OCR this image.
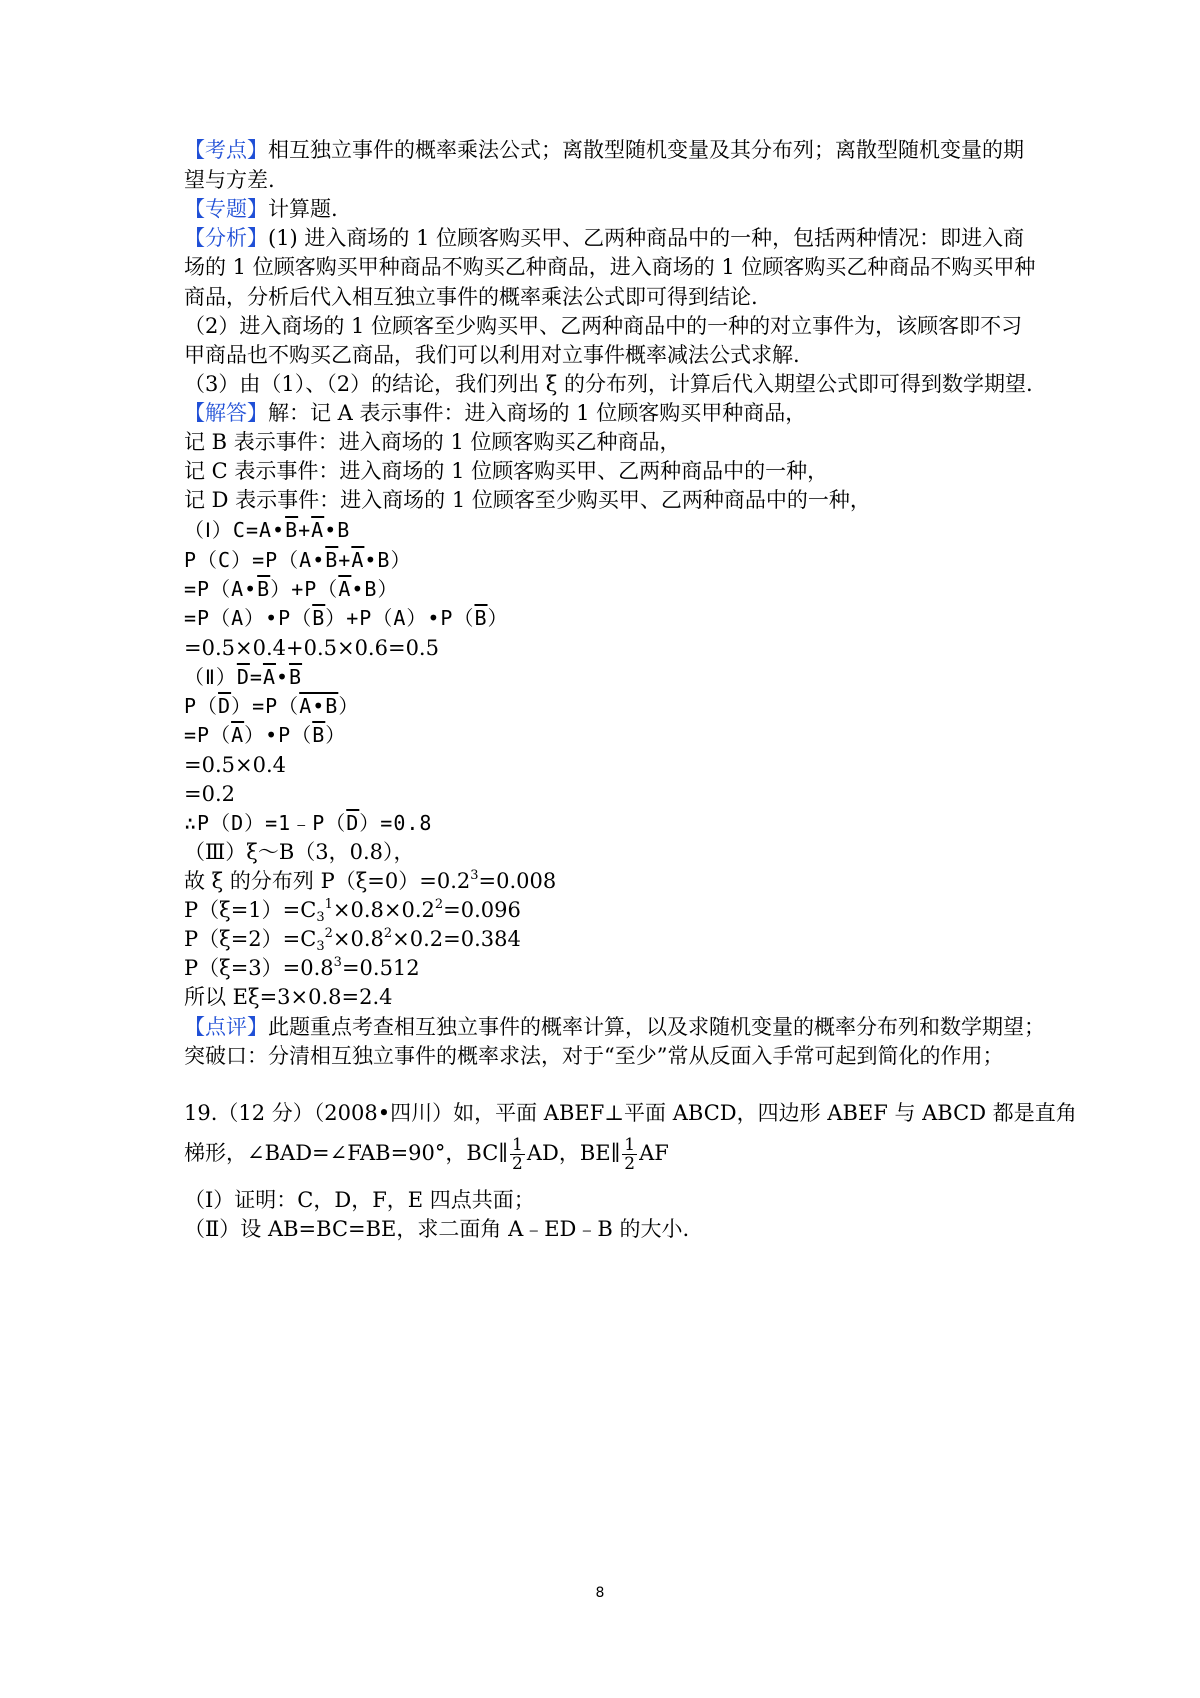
【考点】相互独立事件的概率乘法公式；离散型随机变量及其分布列；离散型随机变量的期
望与方差.
【专题】计算题.
【分析】(1) 进入商场的 1 位顾客购买甲、乙两种商品中的一种，包括两种情况：即进入商
场的 1 位顾客购买甲种商品不购买乙种商品，进入商场的 1 位顾客购买乙种商品不购买甲种
商品，分析后代入相互独立事件的概率乘法公式即可得到结论.
（2）进入商场的 1 位顾客至少购买甲、乙两种商品中的一种的对立事件为，该顾客即不习
甲商品也不购买乙商品，我们可以利用对立事件概率减法公式求解.
（3）由（1）、（2）的结论，我们列出 ξ 的分布列，计算后代入期望公式即可得到数学期望.
【解答】解：记 A 表示事件：进入商场的 1 位顾客购买甲种商品，
记 B 表示事件：进入商场的 1 位顾客购买乙种商品，
记 C 表示事件：进入商场的 1 位顾客购买甲、乙两种商品中的一种，
记 D 表示事件：进入商场的 1 位顾客至少购买甲、乙两种商品中的一种，
$(Ⅰ)C=A•\overline{B}+\overline{A}•B$
$P(C)=P(A•\overline{B}+\overline{A}•B)$
$=P(A•\overline{B})+P(\overline{A}•B)$
$=P(A)•P(\overline{B})+P(A)•P(\overline{B})$
=0.5×0.4+0.5×0.6=0.5
$(Ⅱ)\overline{D}=\overline{A}•\overline{B}$
$P(\overline{D})=P(A•B)$
$=P(\overline{A})•P(\overline{B})$
=0.5×0.4
=0.2
$\therefore P(D)=1﹣P(\overline{D})=0.8$
（Ⅲ）ξ～B（3，0.8），
故 ξ 的分布列 $P(\xi=0)=0.2^3=0.008$
$P(\xi=1)=C_3^1\times 0.8\times 0.2^2=0.096$
$P(\xi=2)=C_3^2\times 0.8^2\times 0.2=0.384$
$P(\xi=3)=0.8^3=0.512$
所以 Eξ=3×0.8=2.4
【点评】此题重点考查相互独立事件的概率计算，以及求随机变量的概率分布列和数学期望；
突破口：分清相互独立事件的概率求法，对于“至少”常从反面入手常可起到简化的作用；
19.（12 分）（2008•四川）如，平面 ABEF⊥平面 ABCD，四边形 ABEF 与 ABCD 都是直角
梯形，∠BAD=∠FAB=90°，BC∥ $\frac{1}{2}$ AD，BE∥ $\frac{1}{2}$ AF
（Ⅰ）证明：C，D，F，E 四点共面；
（Ⅱ）设 AB=BC=BE，求二面角 A﹣ED﹣B 的大小.
8
